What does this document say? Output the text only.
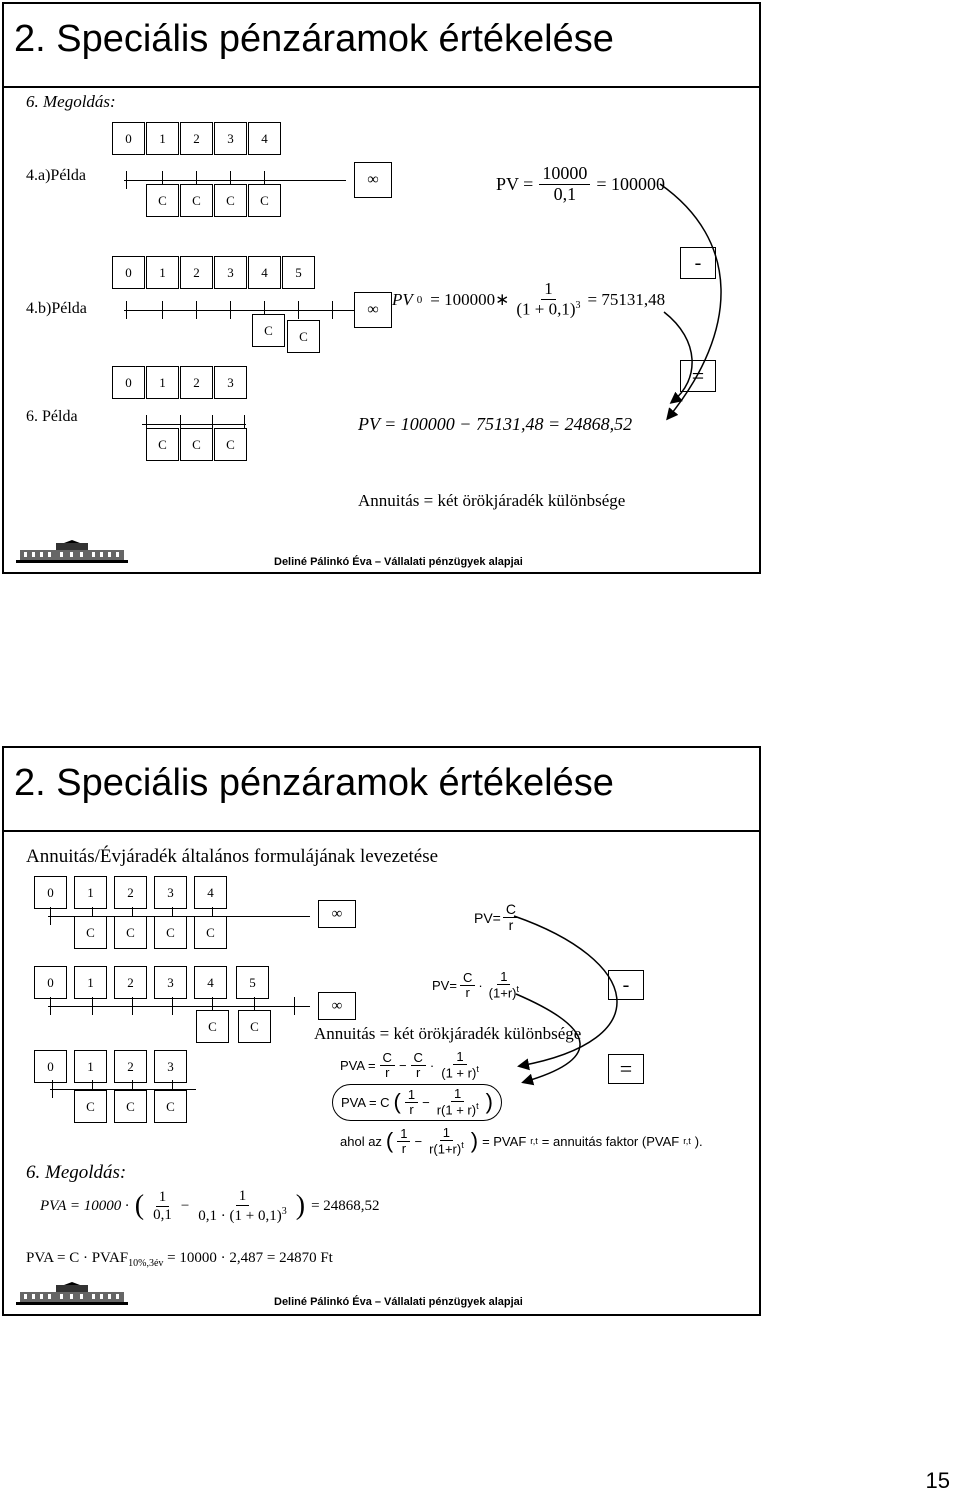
2. Speciális pénzáramok értékelése
6. Megoldás:
4.a)Példa
0	1	2	3	4
C	C	C	C
∞	PV = $\frac{10000}{0,1} = 100000$
4.b)Példa
0	1	2	3	4	5
C	C
∞
PV 0 = 100000∗ $\frac{1}{(1 + 0,1)^3} = 75131,48$
-
6. Példa
0	1	2	3
C	C	C
PV = 100000 − 75131,48 = 24868,52
=
Annuitás = két örökjáradék különbsége
Deliné Pálinkó Éva – Vállalati pénzügyek alapjai
2. Speciális pénzáramok értékelése
Annuitás/Évjáradék általános formulájának levezetése
0	1	2	3	4
C	C	C	C
∞	$PV= \frac{C}{r}$
0	1	2	3	4	5
C	C
∞
$PV= \frac{C}{r} \cdot \frac{1}{(1+r)^t}$	-
Annuitás = két örökjáradék különbsége
0	1	2	3
C	C	C
=
PVA = $\frac{C}{r} - \frac{C}{r} \cdot \frac{1}{(1 + r)^t}$
PVA = C ( $\frac{1}{r} - \frac{1}{r(1 + r)^t}$ )
ahol az ( $\frac{1}{r} - \frac{1}{r(1+r)^t}$ ) = PVAF r,t = annuitás faktor (PVAF r,t ).
6. Megoldás:
PVA = 10000 · ( $\frac{1}{0,1} - \frac{1}{0,1 \cdot (1 + 0,1)^3}$ ) = 24868,52
PVA = $C \cdot PVAF_{10\%,3év} = 10000 \cdot 2,487 = 24870$ Ft
Deliné Pálinkó Éva – Vállalati pénzügyek alapjai
15
